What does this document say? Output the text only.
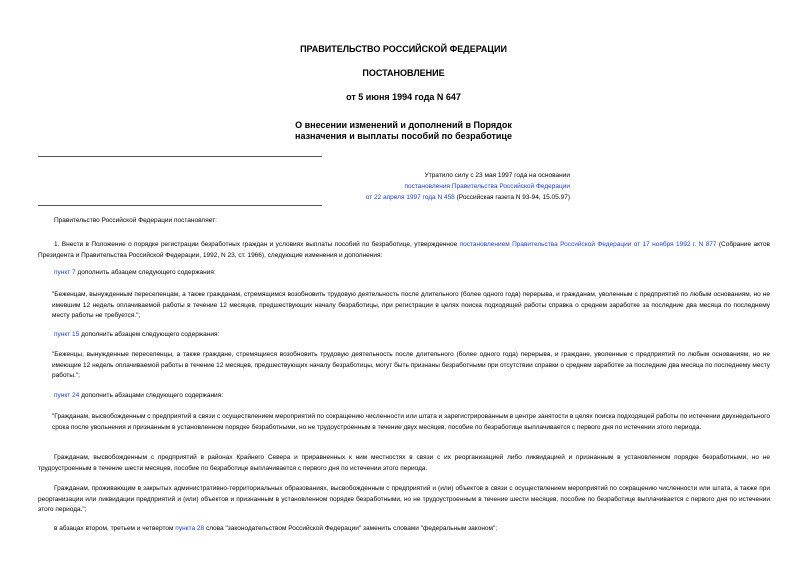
ПРАВИТЕЛЬСТВО РОССИЙСКОЙ ФЕДЕРАЦИИ
ПОСТАНОВЛЕНИЕ
от 5 июня 1994 года N 647
О внесении изменений и дополнений в Порядок
назначения и выплаты пособий по безработице
Утратило силу с 23 мая 1997 года на основании
постановления Правительства Российской Федерации
от 22 апреля 1997 года N 458 (Российская газета N 93-94, 15.05.97)
Правительство Российской Федерации постановляет:
1. Внести в Положение о порядке регистрации безработных граждан и условиях выплаты пособий по безработице, утвержденное постановлением Правительства Российской Федерации от 17 ноября 1992 г. N 877 (Собрание актов Президента и Правительства Российской Федерации, 1992, N 23, ст. 1966), следующие изменения и дополнения:
пункт 7 дополнить абзацем следующего содержания:
"Беженцам, вынужденным переселенцам, а также гражданам, стремящимся возобновить трудовую деятельность после длительного (более одного года) перерыва, и гражданам, уволенным с предприятий по любым основаниям, но не имевшим 12 недель оплачиваемой работы в течение 12 месяцев, предшествующих началу безработицы, при регистрации в целях поиска подходящей работы справка о среднем заработке за последние два месяца по последнему месту работы не требуется.";
пункт 15 дополнить абзацем следующего содержания:
"Беженцы, вынужденные переселенцы, а также граждане, стремящиеся возобновить трудовую деятельность после длительного (более одного года) перерыва, и граждане, уволенные с предприятий по любым основаниям, но не имеющие 12 недель оплачиваемой работы в течение 12 месяцев, предшествующих началу безработицы, могут быть признаны безработными при отсутствии справки о среднем заработке за последние два месяца по последнему месту работы.";
пункт 24 дополнить абзацами следующего содержания:
"Гражданам, высвобожденным с предприятий в связи с осуществлением мероприятий по сокращению численности или штата и зарегистрированным в центре занятости в целях поиска подходящей работы по истечении двухнедельного срока после увольнения и признанным в установленном порядке безработными, но не трудоустроенным в течение двух месяцев, пособие по безработице выплачивается с первого дня по истечении этого периода.
Гражданам, высвобожденным с предприятий в районах Крайнего Севера и приравненных к ним местностях в связи с их реорганизацией либо ликвидацией и признанным в установленном порядке безработными, но не трудоустроенным в течение шести месяцев, пособие по безработице выплачивается с первого дня по истечении этого периода.
Гражданам, проживающим в закрытых административно-территориальных образованиях, высвобожденным с предприятий и (или) объектов в связи с осуществлением мероприятий по сокращению численности или штата, а также при реорганизации или ликвидации предприятий и (или) объектов и признанным в установленном порядке безработными, но не трудоустроенным в течение шести месяцев, пособие по безработице выплачивается с первого дня по истечении этого периода.";
в абзацах втором, третьем и четвертом пункта 28 слова "законодательством Российской Федерации" заменить словами "федеральным законом";
